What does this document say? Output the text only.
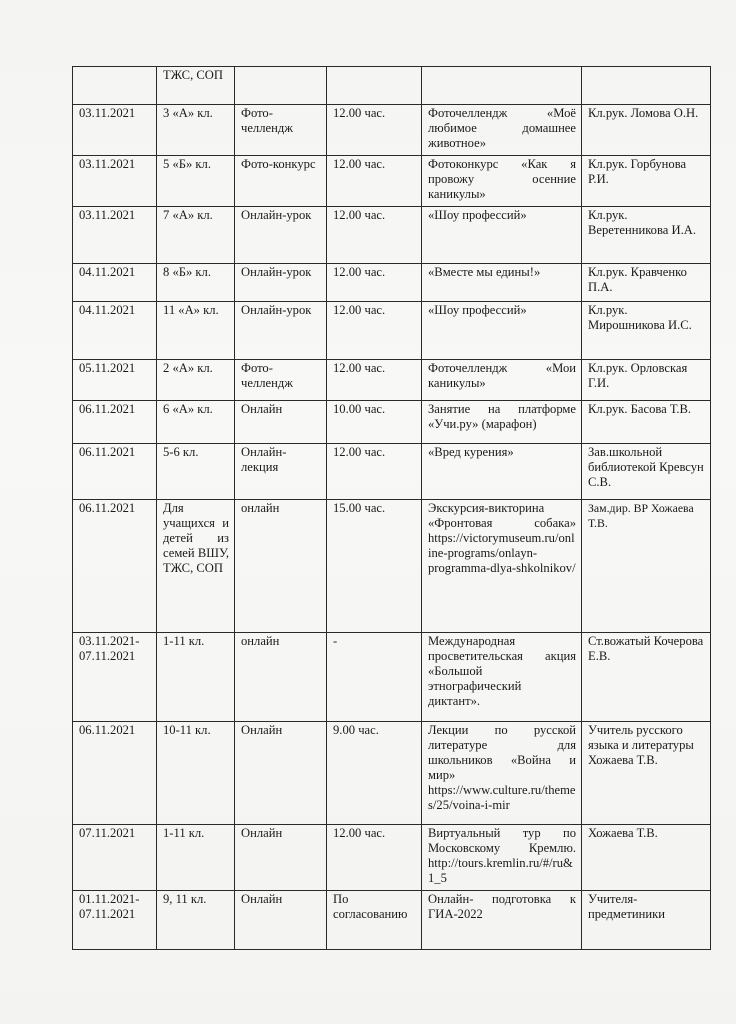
	ТЖС, СОП				
03.11.2021	3 «А» кл.	Фото-челлендж	12.00 час.	Фоточеллендж «Моё любимое домашнее животное»	Кл.рук. Ломова О.Н.
03.11.2021	5 «Б» кл.	Фото-конкурс	12.00 час.	Фотоконкурс «Как я провожу осенние каникулы»	Кл.рук. Горбунова Р.И.
03.11.2021	7 «А» кл.	Онлайн-урок	12.00 час.	«Шоу профессий»	Кл.рук. Веретенникова И.А.
04.11.2021	8 «Б» кл.	Онлайн-урок	12.00 час.	«Вместе мы едины!»	Кл.рук. Кравченко П.А.
04.11.2021	11 «А» кл.	Онлайн-урок	12.00 час.	«Шоу профессий»	Кл.рук. Мирошникова И.С.
05.11.2021	2 «А» кл.	Фото-челлендж	12.00 час.	Фоточеллендж «Мои каникулы»	Кл.рук. Орловская Г.И.
06.11.2021	6 «А» кл.	Онлайн	10.00 час.	Занятие на платформе «Учи.ру» (марафон)	Кл.рук. Басова Т.В.
06.11.2021	5-6 кл.	Онлайн-лекция	12.00 час.	«Вред курения»	Зав.школьной библиотекой Кревсун С.В.
06.11.2021	Для учащихся и детей из семей ВШУ, ТЖС, СОП	онлайн	15.00 час.	Экскурсия-викторина «Фронтовая собака» https://victorymuseum.ru/online-programs/onlayn-programma-dlya-shkolnikov/	Зам.дир. ВР Хожаева Т.В.
03.11.2021-07.11.2021	1-11 кл.	онлайн	-	Международная просветительская акция «Большой этнографический диктант».	Ст.вожатый Кочерова Е.В.
06.11.2021	10-11 кл.	Онлайн	9.00 час.	Лекции по русской литературе для школьников «Война и мир» https://www.culture.ru/themes/25/voina-i-mir	Учитель русского языка и литературы Хожаева Т.В.
07.11.2021	1-11 кл.	Онлайн	12.00 час.	Виртуальный тур по Московскому Кремлю. http://tours.kremlin.ru/#/ru&1_5	Хожаева Т.В.
01.11.2021-07.11.2021	9, 11 кл.	Онлайн	По согласованию	Онлайн- подготовка к ГИА-2022	Учителя-предметиники
